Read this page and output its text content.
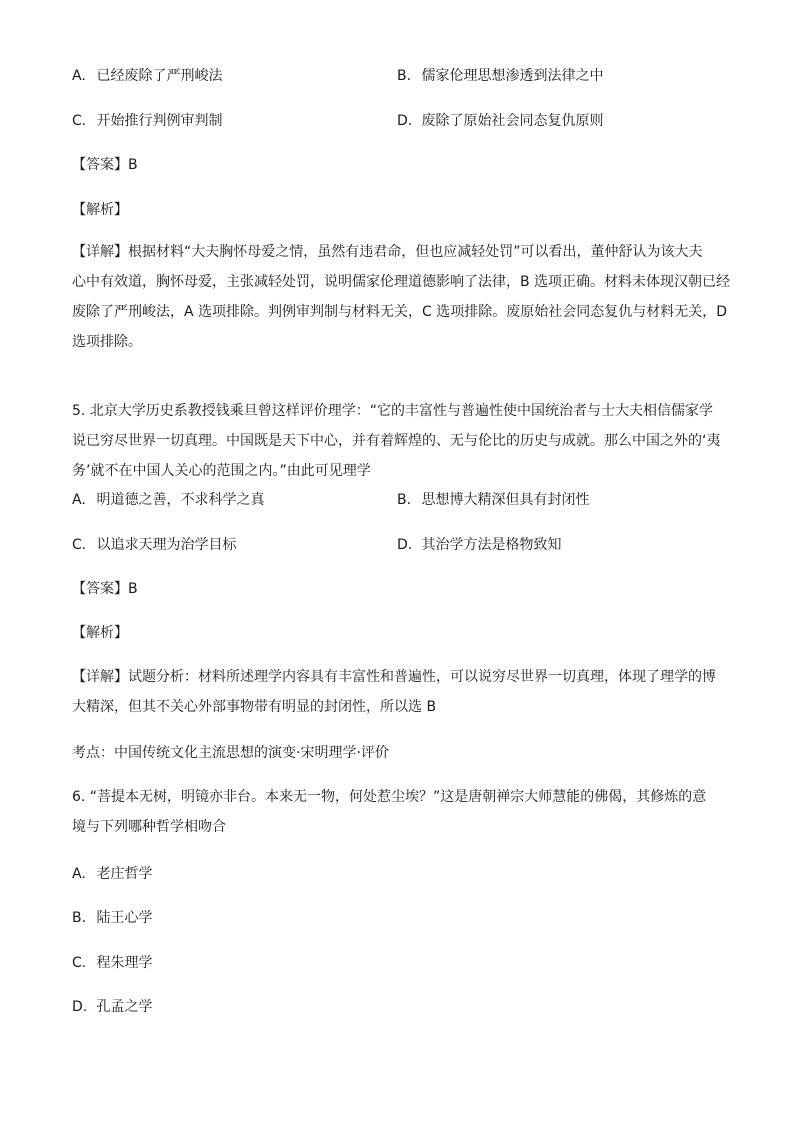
A. 已经废除了严刑峻法	B. 儒家伦理思想渗透到法律之中
C. 开始推行判例审判制	D. 废除了原始社会同态复仇原则
【答案】B
【解析】
【详解】根据材料“大夫胸怀母爱之情，虽然有违君命，但也应减轻处罚”可以看出，董仲舒认为该大夫
心中有效道，胸怀母爱，主张减轻处罚，说明儒家伦理道德影响了法律，B 选项正确。材料未体现汉朝已经
废除了严刑峻法，A 选项排除。判例审判制与材料无关，C 选项排除。废原始社会同态复仇与材料无关，D
选项排除。
5. 北京大学历史系教授钱乘旦曾这样评价理学：“它的丰富性与普遍性使中国统治者与士大夫相信儒家学
说已穷尽世界一切真理。中国既是天下中心，并有着辉煌的、无与伦比的历史与成就。那么中国之外的‘夷
务’就不在中国人关心的范围之内。”由此可见理学
A. 明道德之善，不求科学之真	B. 思想博大精深但具有封闭性
C. 以追求天理为治学目标	D. 其治学方法是格物致知
【答案】B
【解析】
【详解】试题分析：材料所述理学内容具有丰富性和普遍性，可以说穷尽世界一切真理，体现了理学的博
大精深，但其不关心外部事物带有明显的封闭性，所以选 B
考点：中国传统文化主流思想的演变·宋明理学·评价
6. “菩提本无树，明镜亦非台。本来无一物，何处惹尘埃？”这是唐朝禅宗大师慧能的佛偈，其修炼的意
境与下列哪种哲学相吻合
A. 老庄哲学
B. 陆王心学
C. 程朱理学
D. 孔孟之学
